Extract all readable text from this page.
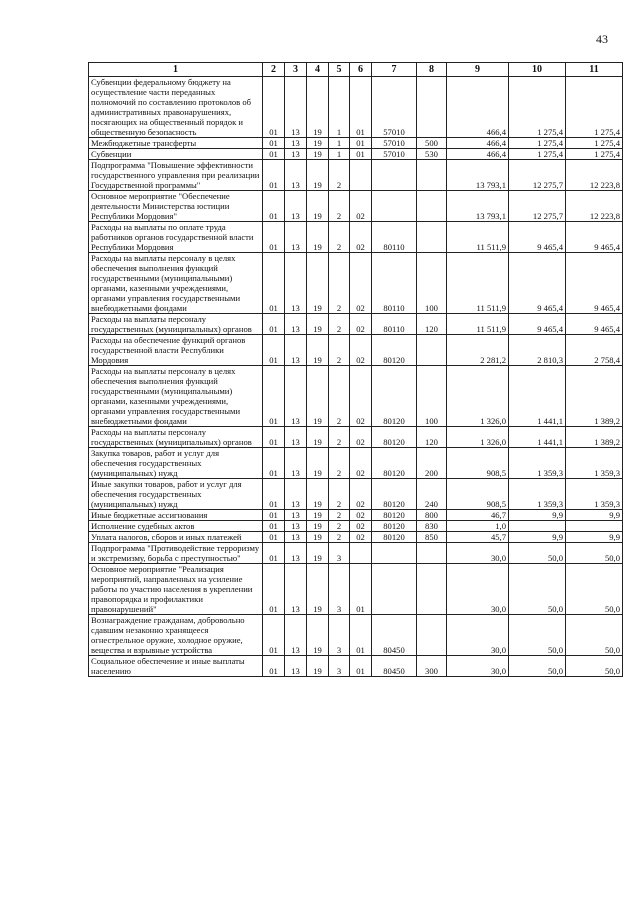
43
1	2	3	4	5	6	7	8	9	10	11
Субвенции федеральному бюджету на осуществление части переданных полномочий по составлению протоколов об административных правонарушениях, посягающих на общественный порядок и общественную безопасность	01	13	19	1	01	57010		466,4	1 275,4	1 275,4
Межбюджетные трансферты	01	13	19	1	01	57010	500	466,4	1 275,4	1 275,4
Субвенции	01	13	19	1	01	57010	530	466,4	1 275,4	1 275,4
Подпрограмма "Повышение эффективности государственного управления при реализации Государственной программы"	01	13	19	2				13 793,1	12 275,7	12 223,8
Основное мероприятие "Обеспечение деятельности Министерства юстиции Республики Мордовия"	01	13	19	2	02			13 793,1	12 275,7	12 223,8
Расходы на выплаты по оплате труда работников органов государственной власти Республики Мордовия	01	13	19	2	02	80110		11 511,9	9 465,4	9 465,4
Расходы на выплаты персоналу в целях обеспечения выполнения функций государственными (муниципальными) органами, казенными учреждениями, органами управления государственными внебюджетными фондами	01	13	19	2	02	80110	100	11 511,9	9 465,4	9 465,4
Расходы на выплаты персоналу государственных (муниципальных) органов	01	13	19	2	02	80110	120	11 511,9	9 465,4	9 465,4
Расходы на обеспечение функций органов государственной власти Республики Мордовия	01	13	19	2	02	80120		2 281,2	2 810,3	2 758,4
Расходы на выплаты персоналу в целях обеспечения выполнения функций государственными (муниципальными) органами, казенными учреждениями, органами управления государственными внебюджетными фондами	01	13	19	2	02	80120	100	1 326,0	1 441,1	1 389,2
Расходы на выплаты персоналу государственных (муниципальных) органов	01	13	19	2	02	80120	120	1 326,0	1 441,1	1 389,2
Закупка товаров, работ и услуг для обеспечения государственных (муниципальных) нужд	01	13	19	2	02	80120	200	908,5	1 359,3	1 359,3
Иные закупки товаров, работ и услуг для обеспечения государственных (муниципальных) нужд	01	13	19	2	02	80120	240	908,5	1 359,3	1 359,3
Иные бюджетные ассигнования	01	13	19	2	02	80120	800	46,7	9,9	9,9
Исполнение судебных актов	01	13	19	2	02	80120	830	1,0		
Уплата налогов, сборов и иных платежей	01	13	19	2	02	80120	850	45,7	9,9	9,9
Подпрограмма "Противодействие терроризму и экстремизму, борьба с преступностью"	01	13	19	3				30,0	50,0	50,0
Основное мероприятие "Реализация мероприятий, направленных на усиление работы по участию населения в укреплении правопорядка и профилактики правонарушений"	01	13	19	3	01			30,0	50,0	50,0
Вознаграждение гражданам, добровольно сдавшим незаконно хранящееся огнестрельное оружие, холодное оружие, вещества и взрывные устройства	01	13	19	3	01	80450		30,0	50,0	50,0
Социальное обеспечение и иные выплаты населению	01	13	19	3	01	80450	300	30,0	50,0	50,0
